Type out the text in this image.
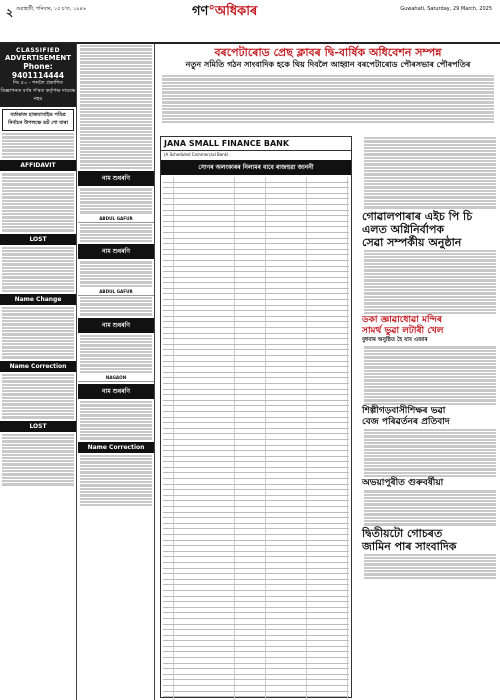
২ গুৱাহাটী, শনিবাৰ, ১৫ চ'ত, ১৯৪৬	গণ°অধিকাৰ	Guwahati, Saturday, 29 March, 2025
CLASSIFIED
ADVERTISEMENT
Phone: 9401114444
দিং ৫০ - শব্দলৈ প্ৰকাশিত
বিজ্ঞাপনত বৰ্ণৰ গ'ৰত কৰ্তৃপক্ষ দায়বদ্ধ নহয়
বৰ্তাৰাজ হাজযাসাইড পবিত্ৰ নিৰ্বাচন উপলক্ষে ডট শো যাৰা
AFFIDAVIT
LOST
Name Change
Name Correction
LOST
নাম শুধৰণি
ABDUL GAFUR
নাম শুধৰণি
ABDUL GAFUR
নাম শুধৰণি
NAGAON
নাম শুধৰণি
Name Correction
বৰপেটাৰোড প্ৰেছ ক্লাবৰ দ্বি-বাৰ্ষিক অধিবেশন সম্পন্ন
নতুন সমিতি গঠন সাংবাদিক হকে থিয় দিবলৈ আহ্বান বৰপেটাৰোড পৌৰসভাৰ পৌৰপতিৰ
JANA SMALL FINANCE BANK
(A Scheduled Commercial Bank)
সোণৰ অলংকাৰৰ নিলামৰ বাবে ৰাজহুৱা জাননী
গোৱালপাৰাৰ এইচ পি চি এলত অগ্নিনিৰ্বাপক
সেৱা সম্পৰ্কীয় অনুষ্ঠান
ডকা জ্ঞাৱাধোৱা মন্দিৰ
সামৰ্থ ভুৱা লটাৰী খেল
বুধবাৰ অনুষ্ঠিত হৈ যাব এজাৰ
শিল্পীগড়বাসীশিক্ষৰ ভৱা
বেজ পৰিৱৰ্তনৰ প্ৰতিবাদ
অভয়াপুৰীত গুৰুবৰ্ষীয়া
দ্বিতীয়টো গোচৰত
জামিন পাৰ সাংবাদিক
